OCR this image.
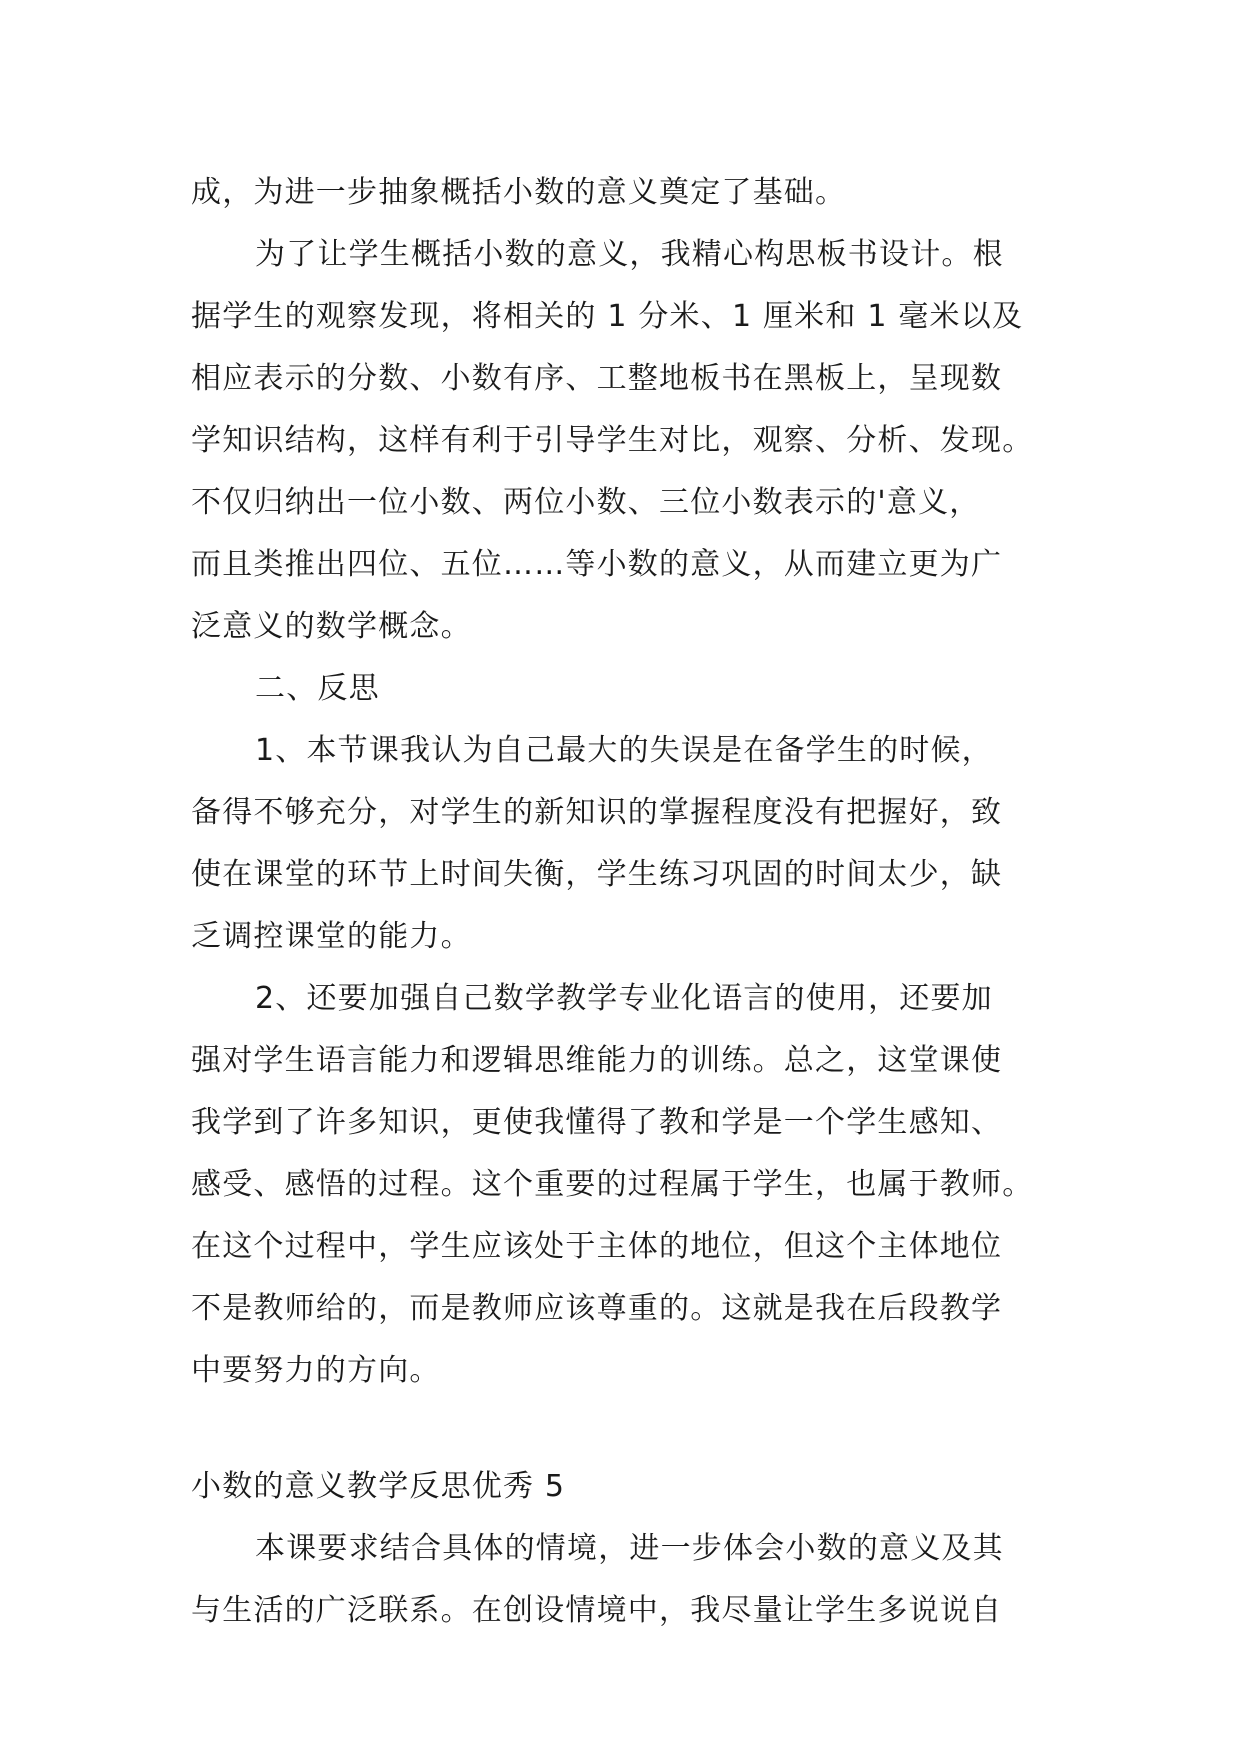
成，为进一步抽象概括小数的意义奠定了基础。
为了让学生概括小数的意义，我精心构思板书设计。根
据学生的观察发现，将相关的 1 分米、1 厘米和 1 毫米以及
相应表示的分数、小数有序、工整地板书在黑板上，呈现数
学知识结构，这样有利于引导学生对比，观察、分析、发现。
不仅归纳出一位小数、两位小数、三位小数表示的'意义，
而且类推出四位、五位……等小数的意义，从而建立更为广
泛意义的数学概念。
二、反思
1、本节课我认为自己最大的失误是在备学生的时候，
备得不够充分，对学生的新知识的掌握程度没有把握好，致
使在课堂的环节上时间失衡，学生练习巩固的时间太少，缺
乏调控课堂的能力。
2、还要加强自己数学教学专业化语言的使用，还要加
强对学生语言能力和逻辑思维能力的训练。总之，这堂课使
我学到了许多知识，更使我懂得了教和学是一个学生感知、
感受、感悟的过程。这个重要的过程属于学生，也属于教师。
在这个过程中，学生应该处于主体的地位，但这个主体地位
不是教师给的，而是教师应该尊重的。这就是我在后段教学
中要努力的方向。
小数的意义教学反思优秀 5
本课要求结合具体的情境，进一步体会小数的意义及其
与生活的广泛联系。在创设情境中，我尽量让学生多说说自
